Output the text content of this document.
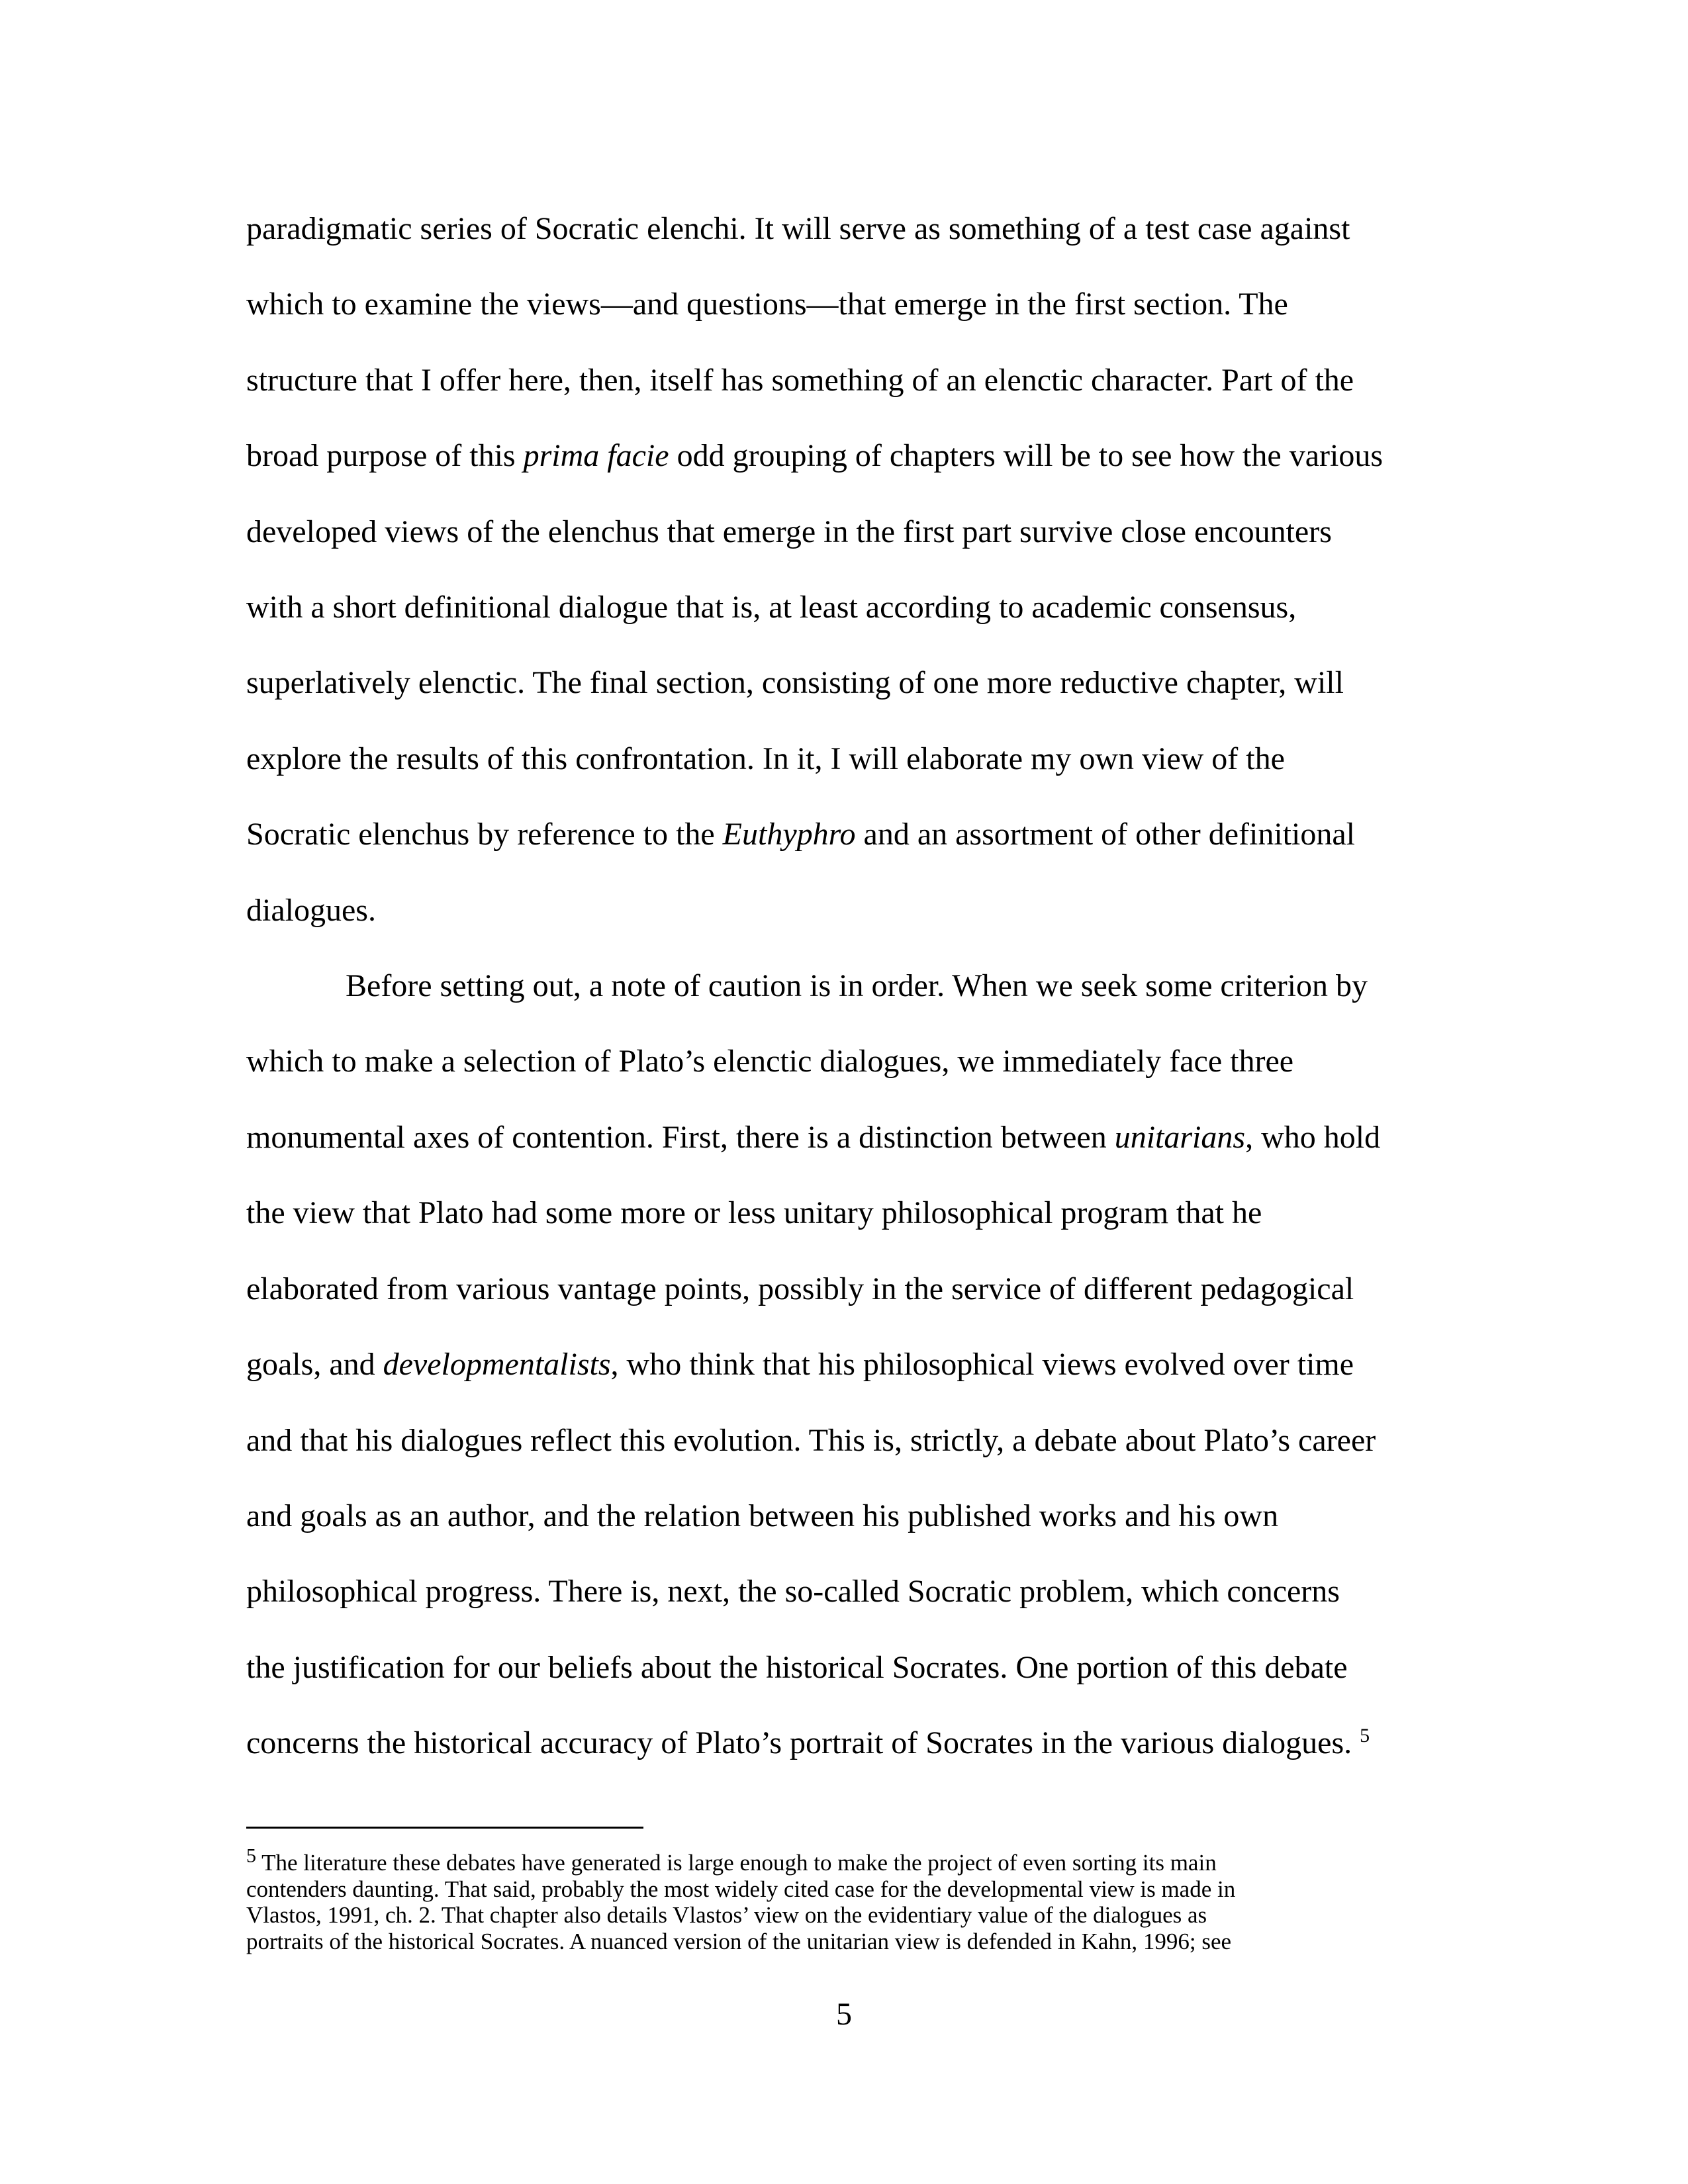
paradigmatic series of Socratic elenchi. It will serve as something of a test case against
which to examine the views—and questions—that emerge in the first section. The
structure that I offer here, then, itself has something of an elenctic character. Part of the
broad purpose of this prima facie odd grouping of chapters will be to see how the various
developed views of the elenchus that emerge in the first part survive close encounters
with a short definitional dialogue that is, at least according to academic consensus,
superlatively elenctic. The final section, consisting of one more reductive chapter, will
explore the results of this confrontation. In it, I will elaborate my own view of the
Socratic elenchus by reference to the Euthyphro and an assortment of other definitional
dialogues.
Before setting out, a note of caution is in order. When we seek some criterion by
which to make a selection of Plato’s elenctic dialogues, we immediately face three
monumental axes of contention. First, there is a distinction between unitarians, who hold
the view that Plato had some more or less unitary philosophical program that he
elaborated from various vantage points, possibly in the service of different pedagogical
goals, and developmentalists, who think that his philosophical views evolved over time
and that his dialogues reflect this evolution. This is, strictly, a debate about Plato’s career
and goals as an author, and the relation between his published works and his own
philosophical progress. There is, next, the so-called Socratic problem, which concerns
the justification for our beliefs about the historical Socrates. One portion of this debate
concerns the historical accuracy of Plato’s portrait of Socrates in the various dialogues. $^5$
$^5$ The literature these debates have generated is large enough to make the project of even sorting its main
contenders daunting. That said, probably the most widely cited case for the developmental view is made in
Vlastos, 1991, ch. 2. That chapter also details Vlastos’ view on the evidentiary value of the dialogues as
portraits of the historical Socrates. A nuanced version of the unitarian view is defended in Kahn, 1996; see
5
